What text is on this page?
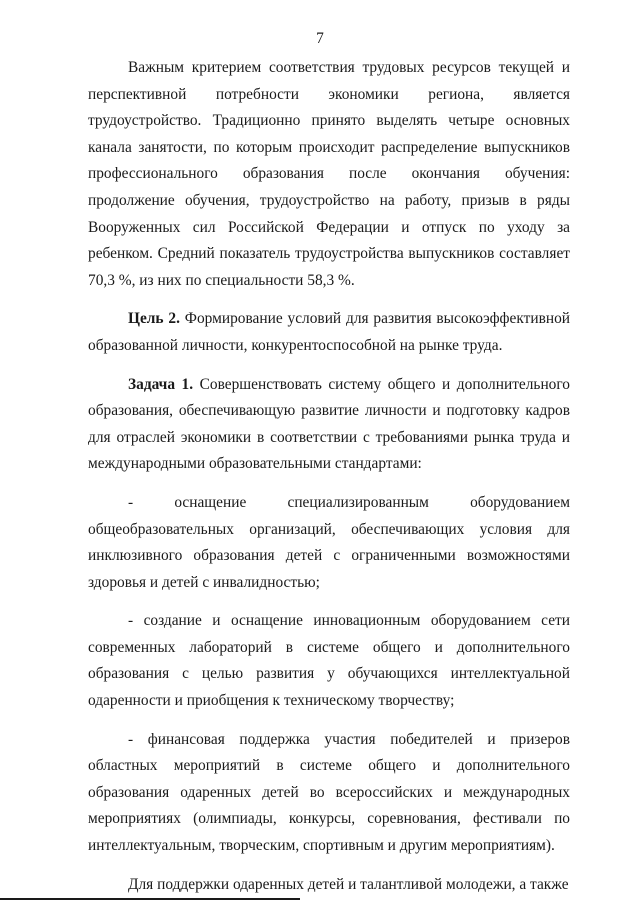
7

Важным критерием соответствия трудовых ресурсов текущей и перспективной потребности экономики региона, является трудоустройство. Традиционно принято выделять четыре основных канала занятости, по которым происходит распределение выпускников профессионального образования после окончания обучения: продолжение обучения, трудоустройство на работу, призыв в ряды Вооруженных сил Российской Федерации и отпуск по уходу за ребенком. Средний показатель трудоустройства выпускников составляет 70,3 %, из них по специальности 58,3 %.

Цель 2. Формирование условий для развития высокоэффективной образованной личности, конкурентоспособной на рынке труда.

Задача 1. Совершенствовать систему общего и дополнительного образования, обеспечивающую развитие личности и подготовку кадров для отраслей экономики в соответствии с требованиями рынка труда и международными образовательными стандартами:

- оснащение специализированным оборудованием общеобразовательных организаций, обеспечивающих условия для инклюзивного образования детей с ограниченными возможностями здоровья и детей с инвалидностью;

- создание и оснащение инновационным оборудованием сети современных лабораторий в системе общего и дополнительного образования с целью развития у обучающихся интеллектуальной одаренности и приобщения к техническому творчеству;

- финансовая поддержка участия победителей и призеров областных мероприятий в системе общего и дополнительного образования одаренных детей во всероссийских и международных мероприятиях (олимпиады, конкурсы, соревнования, фестивали по интеллектуальным, творческим, спортивным и другим мероприятиям).

Для поддержки одаренных детей и талантливой молодежи, а также
